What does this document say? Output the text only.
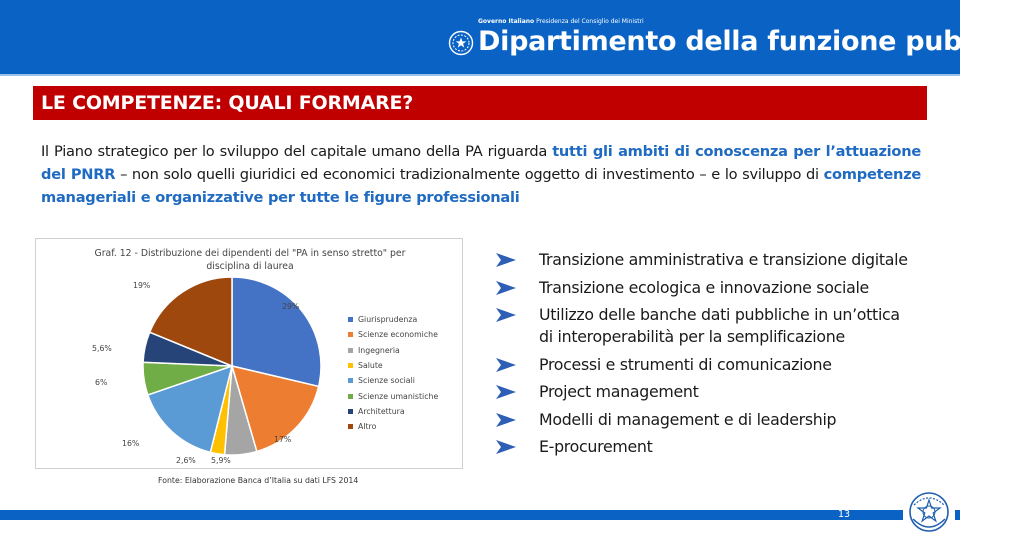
Governo Italiano Presidenza del Consiglio dei Ministri
Dipartimento della funzione pubblica
LE COMPETENZE: QUALI FORMARE?
Il Piano strategico per lo sviluppo del capitale umano della PA riguarda tutti gli ambiti di conoscenza per l’attuazione del PNRR – non solo quelli giuridici ed economici tradizionalmente oggetto di investimento – e lo sviluppo di competenze manageriali e organizzative per tutte le figure professionali
Graf. 12 - Distribuzione dei dipendenti del "PA in senso stretto" per
disciplina di laurea
29%
17%
5,9%
2,6%
16%
6%
5,6%
19%
Giurisprudenza
Scienze economiche
Ingegneria
Salute
Scienze sociali
Scienze umanistiche
Architettura
Altro
Fonte: Elaborazione Banca d’Italia su dati LFS 2014
Transizione amministrativa e transizione digitale
Transizione ecologica e innovazione sociale
Utilizzo delle banche dati pubbliche in un’ottica
di interoperabilità per la semplificazione
Processi e strumenti di comunicazione
Project management
Modelli di management e di leadership
E-procurement
13
